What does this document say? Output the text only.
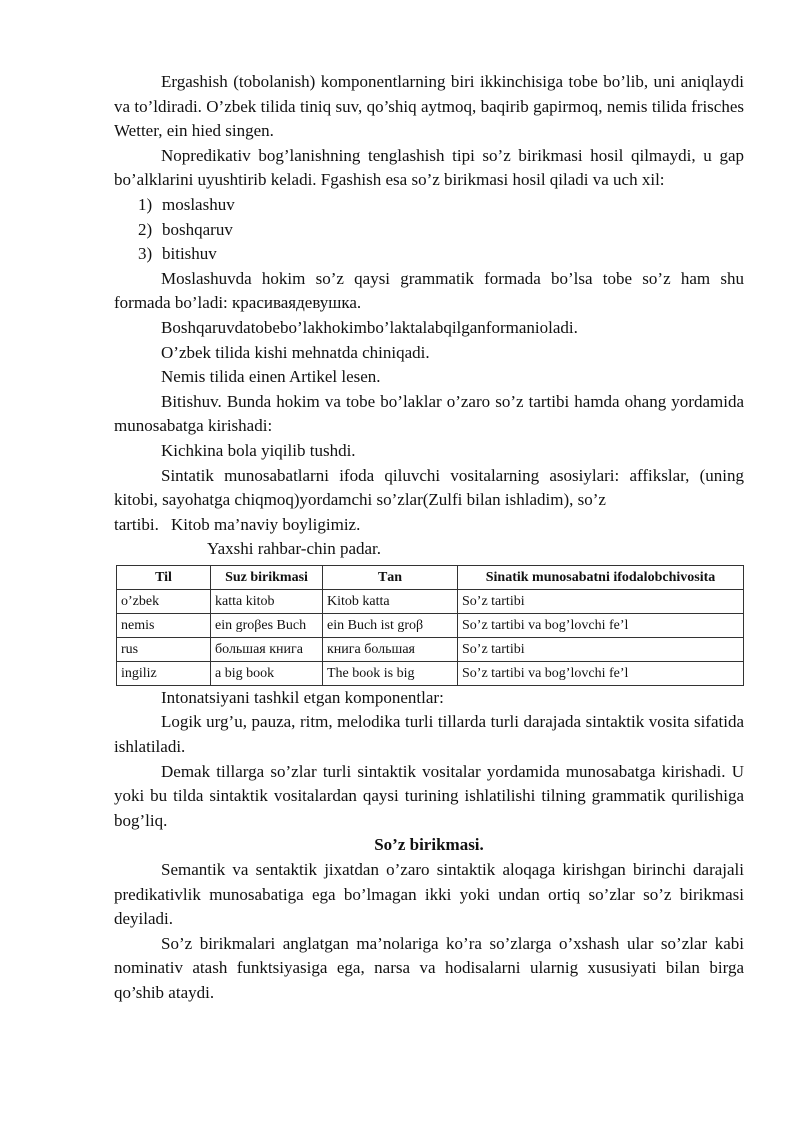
Ergashish (tobolanish) komponentlarning biri ikkinchisiga tobe bo’lib, uni aniqlaydi va to’ldiradi. O’zbek tilida tiniq suv, qo’shiq aytmoq, baqirib gapirmoq, nemis tilida frisches Wetter, ein hied singen.

Nopredikativ bog’lanishning tenglashish tipi so’z birikmasi hosil qilmaydi, u gap bo’alklarini uyushtirib keladi. Fgashish esa so’z birikmasi hosil qiladi va uch xil:

1) moslashuv
2) boshqaruv
3) bitishuv

Moslashuvda hokim so’z qaysi grammatik formada bo’lsa tobe so’z ham shu formada bo’ladi: красиваядевушка.

Boshqaruvdatobebo’lakhokimbo’laktalabqilganformanioladi.

O’zbek tilida kishi mehnatda chiniqadi.

Nemis tilida einen Artikel lesen.

Bitishuv. Bunda hokim va tobe bo’laklar o’zaro so’z tartibi hamda ohang yordamida munosabatga kirishadi:

Kichkina bola yiqilib tushdi.

Sintatik munosabatlarni ifoda qiluvchi vositalarning asosiylari: affikslar, (uning kitobi, sayohatga chiqmoq)yordamchi so’zlar(Zulfi bilan ishladim), so’z

tartibi. Kitob ma’naviy boyligimiz.

Yaxshi rahbar-chin padar.

Til	Suz birikmasi	Тan	Sinatik munosabatni ifodalobchivosita
o’zbek	katta kitob	Kitob katta	So’z tartibi
nemis	ein groβes Buch	ein Buch ist groβ	So’z tartibi va bog’lovchi fe’l
rus	большая книга	книга большая	So’z tartibi
ingiliz	a big book	The book is big	So’z tartibi va bog’lovchi fe’l

Intonatsiyani tashkil etgan komponentlar:

Logik urg’u, pauza, ritm, melodika turli tillarda turli darajada sintaktik vosita sifatida ishlatiladi.

Demak tillarga so’zlar turli sintaktik vositalar yordamida munosabatga kirishadi. U yoki bu tilda sintaktik vositalardan qaysi turining ishlatilishi tilning grammatik qurilishiga bog’liq.

So’z birikmasi.

Semantik va sentaktik jixatdan o’zaro sintaktik aloqaga kirishgan birinchi darajali predikativlik munosabatiga ega bo’lmagan ikki yoki undan ortiq so’zlar so’z birikmasi deyiladi.

So’z birikmalari anglatgan ma’nolariga ko’ra so’zlarga o’xshash ular so’zlar kabi nominativ atash funktsiyasiga ega, narsa va hodisalarni ularnig xususiyati bilan birga qo’shib ataydi.
